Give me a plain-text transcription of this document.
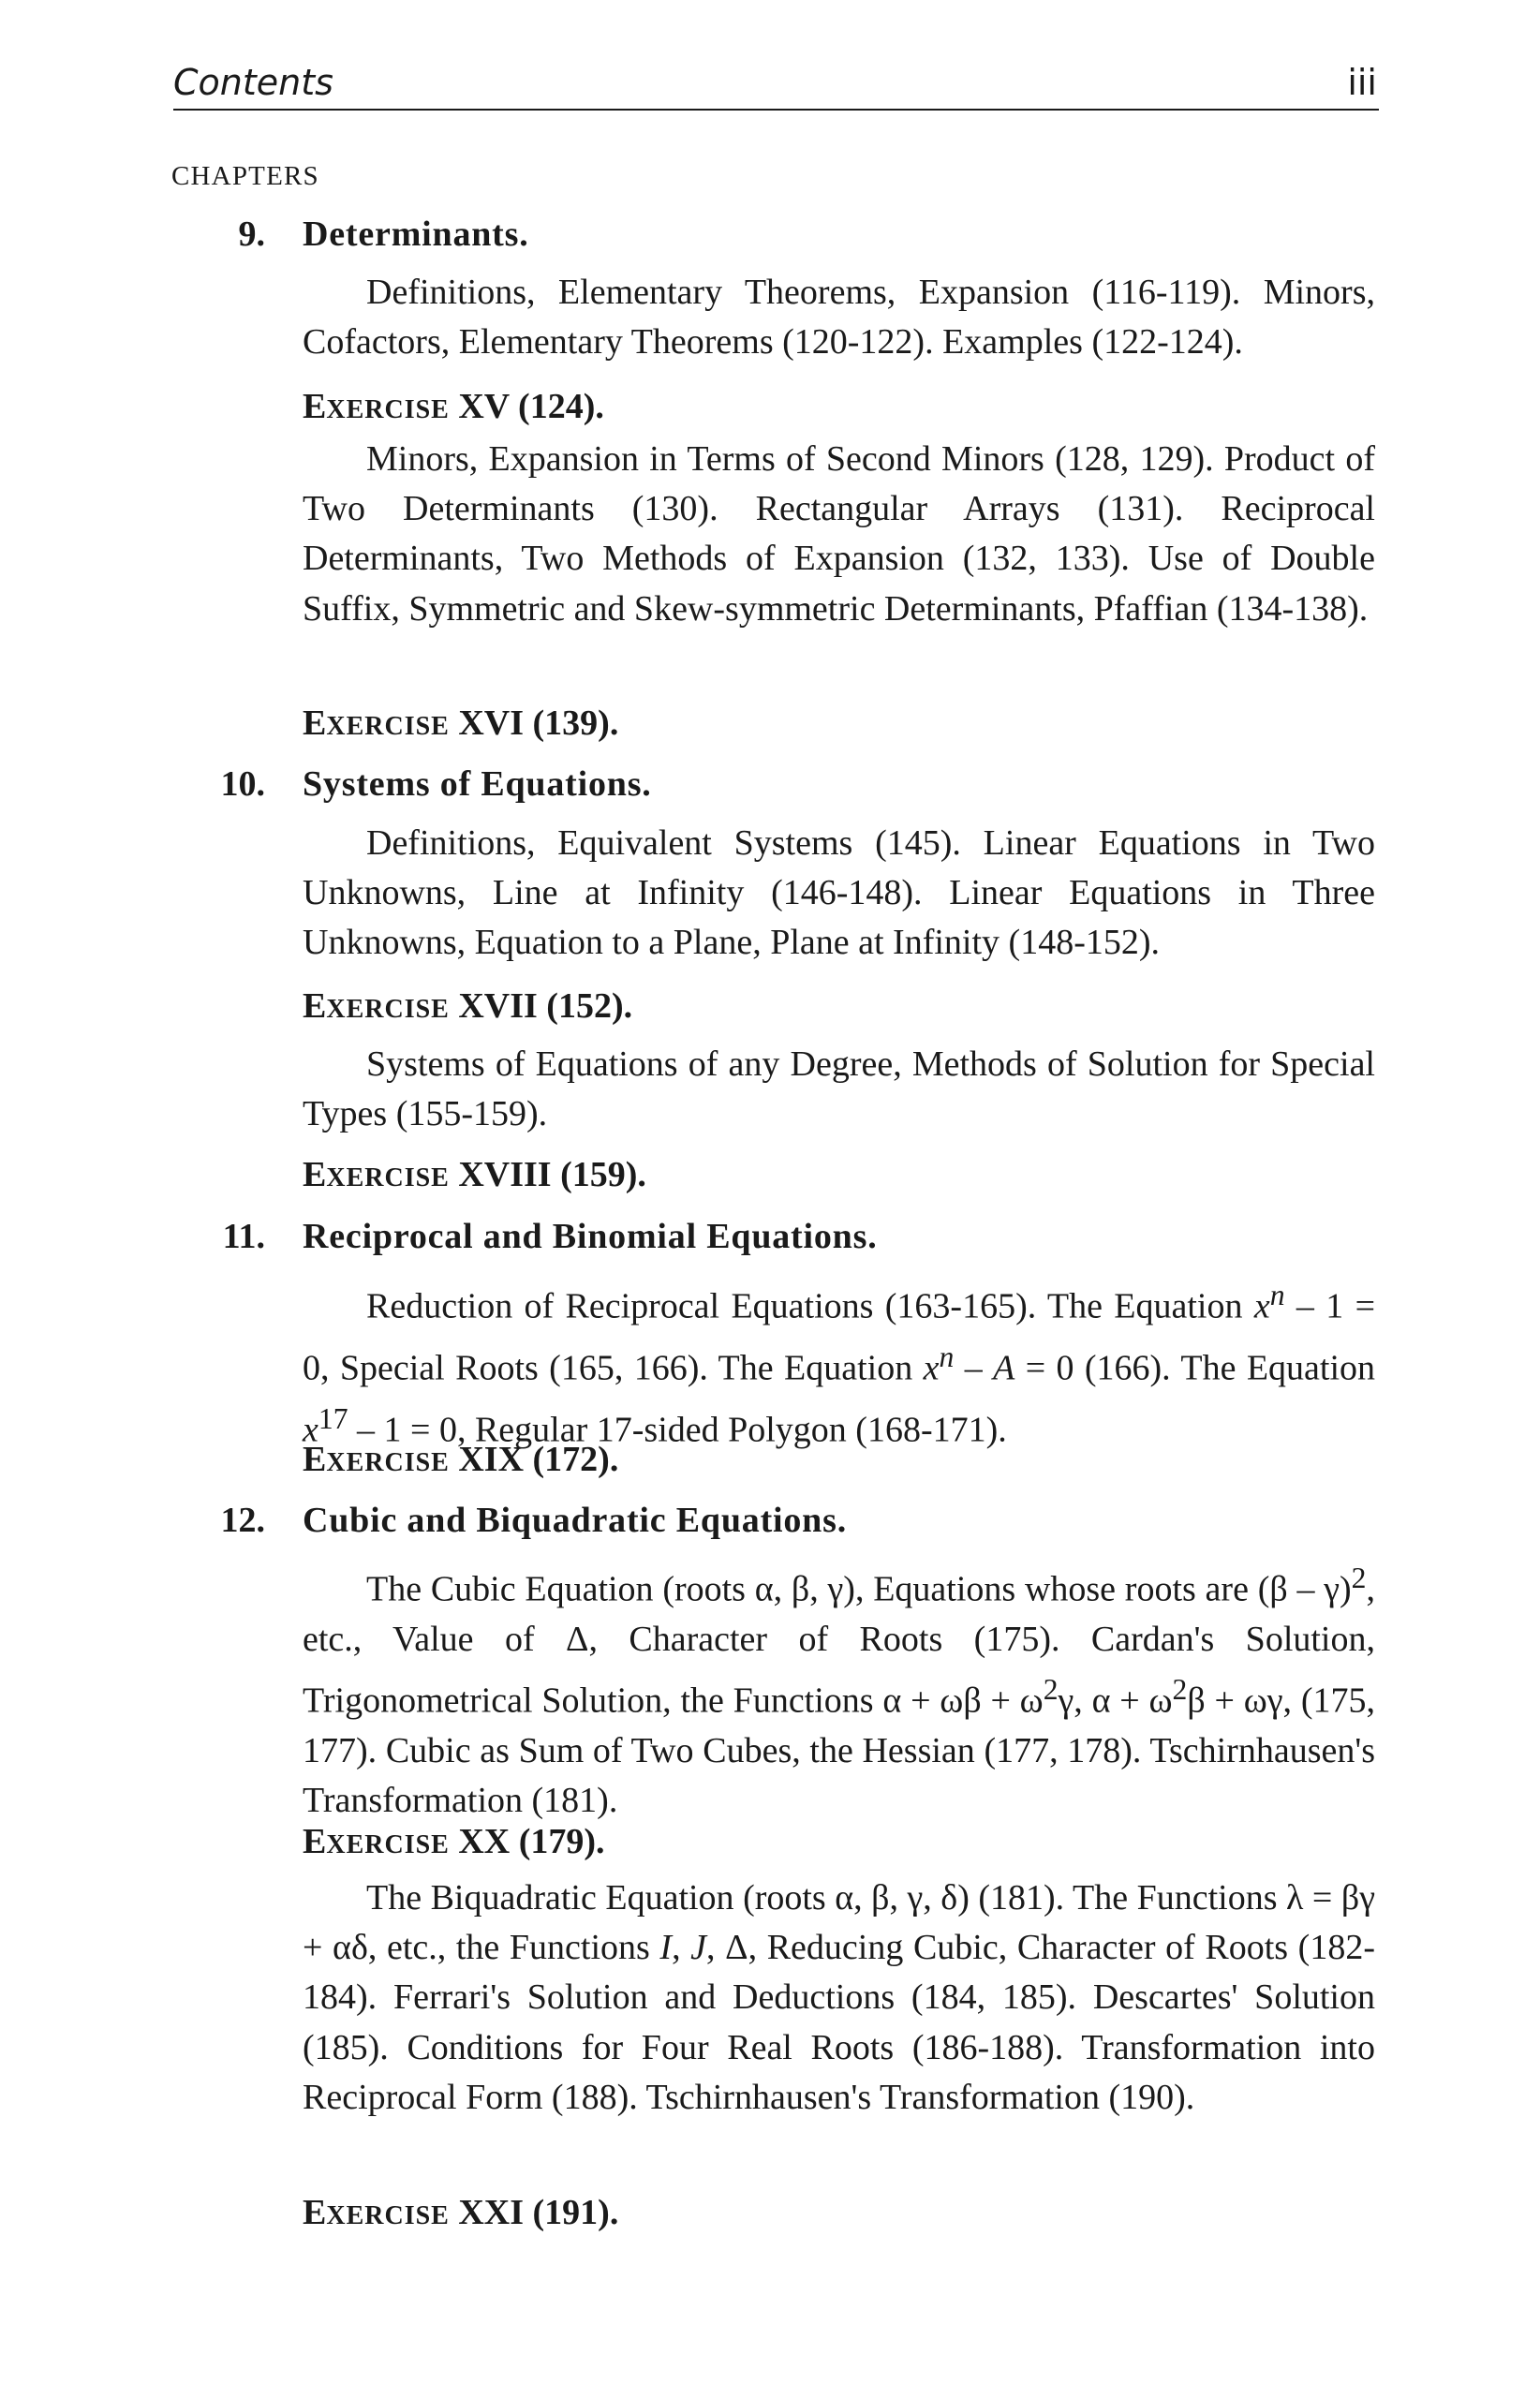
Contents	iii
CHAPTERS
9. Determinants.
Definitions, Elementary Theorems, Expansion (116-119). Minors, Cofactors, Elementary Theorems (120-122). Examples (122-124).
EXERCISE XV (124).
Minors, Expansion in Terms of Second Minors (128, 129). Product of Two Determinants (130). Rectangular Arrays (131). Reciprocal Determinants, Two Methods of Expansion (132, 133). Use of Double Suffix, Symmetric and Skew-symmetric Determinants, Pfaffian (134-138).
EXERCISE XVI (139).
10. Systems of Equations.
Definitions, Equivalent Systems (145). Linear Equations in Two Unknowns, Line at Infinity (146-148). Linear Equations in Three Unknowns, Equation to a Plane, Plane at Infinity (148-152).
EXERCISE XVII (152).
Systems of Equations of any Degree, Methods of Solution for Special Types (155-159).
EXERCISE XVIII (159).
11. Reciprocal and Binomial Equations.
Reduction of Reciprocal Equations (163-165). The Equation $x^n - 1 = 0$, Special Roots (165, 166). The Equation $x^n - A = 0$ (166). The Equation $x^{17} - 1 = 0$, Regular 17-sided Polygon (168-171).
EXERCISE XIX (172).
12. Cubic and Biquadratic Equations.
The Cubic Equation (roots α, β, γ), Equations whose roots are (β – γ)$^2$, etc., Value of Δ, Character of Roots (175). Cardan's Solution, Trigonometrical Solution, the Functions $\alpha + \omega\beta + \omega^2\gamma$, $\alpha + \omega^2\beta + \omega\gamma$, (175, 177). Cubic as Sum of Two Cubes, the Hessian (177, 178). Tschirnhausen's Transformation (181).
EXERCISE XX (179).
The Biquadratic Equation (roots α, β, γ, δ) (181). The Functions λ = βγ + αδ, etc., the Functions I, J, Δ, Reducing Cubic, Character of Roots (182-184). Ferrari's Solution and Deductions (184, 185). Descartes' Solution (185). Conditions for Four Real Roots (186-188). Transformation into Reciprocal Form (188). Tschirnhausen's Transformation (190).
EXERCISE XXI (191).
